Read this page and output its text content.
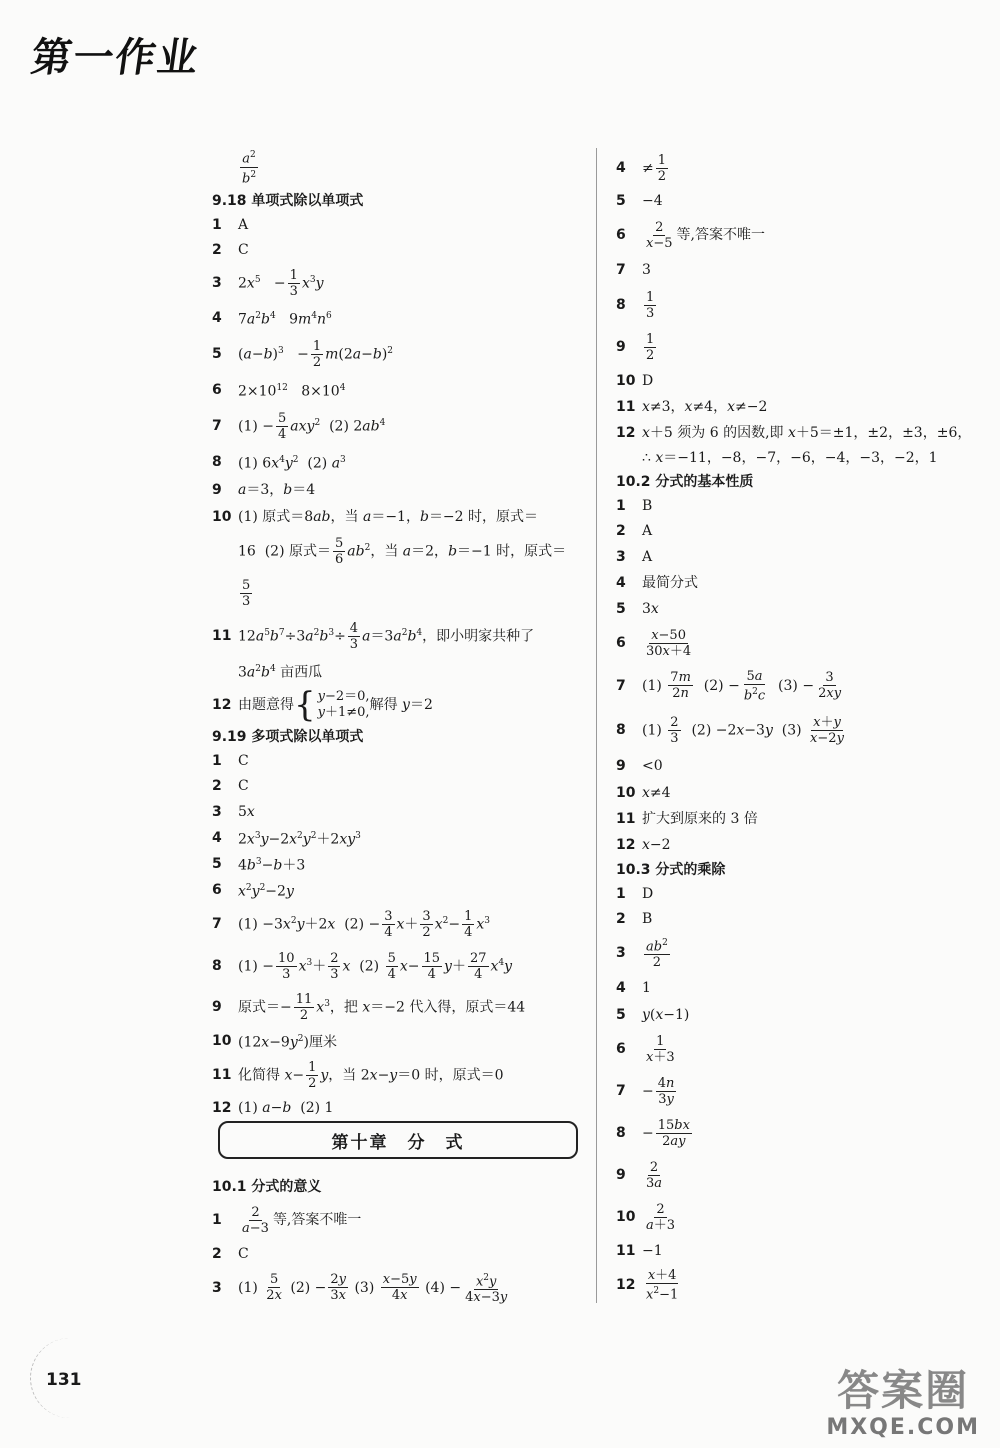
第一作业
$\frac{a^2}{b^2}$
9.18 单项式除以单项式
1	A
2	C
3	$2x^5 - \frac{1}{3} x^3y$
4	$7a^2b^4$   $9m^4n^6$
5	$(a-b)^3 - \frac{1}{2} m(2a-b)^2$
6	$2\times 10^{12}$   $8\times 10^4$
7	$(1) - \frac{5}{4} axy^2$  (2) $2ab^4$
8	(1) $6x^4y^2$  (2) $a^3$
9	a＝3，b＝4
10 (1) 原式＝8ab，当 a＝−1，b＝−2 时，原式＝
16  (2) 原式＝ $\frac{5}{6} ab^2$，当 a＝2，b＝−1 时，原式＝
$\frac{5}{3}$
11 $12a^5b^7\div 3a^2b^3\div \frac{4}{3} a=3a^2b^4$，即小明家共种了
$3a^2b^4$ 亩西瓜
12 由题意得 { y−2＝0,
y＋1≠0, 解得 y＝2
9.19 多项式除以单项式
1	C
2	C
3	5x
4	$2x^3y-2x^2y^2+2xy^3$
5	$4b^3-b+3$
6	$x^2y^2-2y$
7	$(1) -3x^2y+2x$  $(2) - \frac{3}{4} x+ \frac{3}{2} x^2- \frac{1}{4} x^3$
8	$(1) - \frac{10}{3} x^3+ \frac{2}{3}$ x  $(2) \frac{5}{4} x- \frac{15}{4} y+ \frac{27}{4} x^4y$
9	原式＝− $\frac{11}{2} x^3$，把 x＝−2 代入得，原式＝44
10 $(12x-9y^2)$厘米
11 化简得 $x- \frac{1}{2}$ y，当 2x−y＝0 时，原式＝0
12 (1) a−b  (2) 1
第十章　分　式
10.1 分式的意义
1	$\frac{2}{a-3}$ 等,答案不唯一
2	C
3	$(1) \frac{5}{2x} (2) - \frac{2y}{3x} (3) \frac{x-5y}{4x} (4) - \frac{x^2y}{4x-3y}$
4	≠ $\frac{1}{2}$
5	−4
6	$\frac{2}{x-5}$ 等,答案不唯一
7	3
8	$\frac{1}{3}$
9	$\frac{1}{2}$
10 D
11 x≠3，x≠4，x≠−2
12 x＋5 须为 6 的因数,即 x＋5＝±1，±2，±3，±6，
∴ x＝−11，−8，−7，−6，−4，−3，−2，1
10.2 分式的基本性质
1	B
2	A
3	A
4	最简分式
5	3x
6	$\frac{x-50}{30x+4}$
7	$(1) \frac{7m}{2n} (2) - \frac{5a}{b^2c} (3) - \frac{3}{2xy}$
8	$(1) \frac{2}{3} (2) -2x-3y$  $(3) \frac{x+y}{x-2y}$
9	<0
10 x≠4
11 扩大到原来的 3 倍
12 x−2
10.3 分式的乘除
1	D
2	B
3	$\frac{ab^2}{2}$
4	1
5	y(x−1)
6	$\frac{1}{x+3}$
7	− $\frac{4n}{3y}$
8	− $\frac{15bx}{2ay}$
9	$\frac{2}{3a}$
$10 \frac{2}{a+3}$
11 −1
$12 \frac{x+4}{x^2-1}$
131	答案圈
MXQE.COM
